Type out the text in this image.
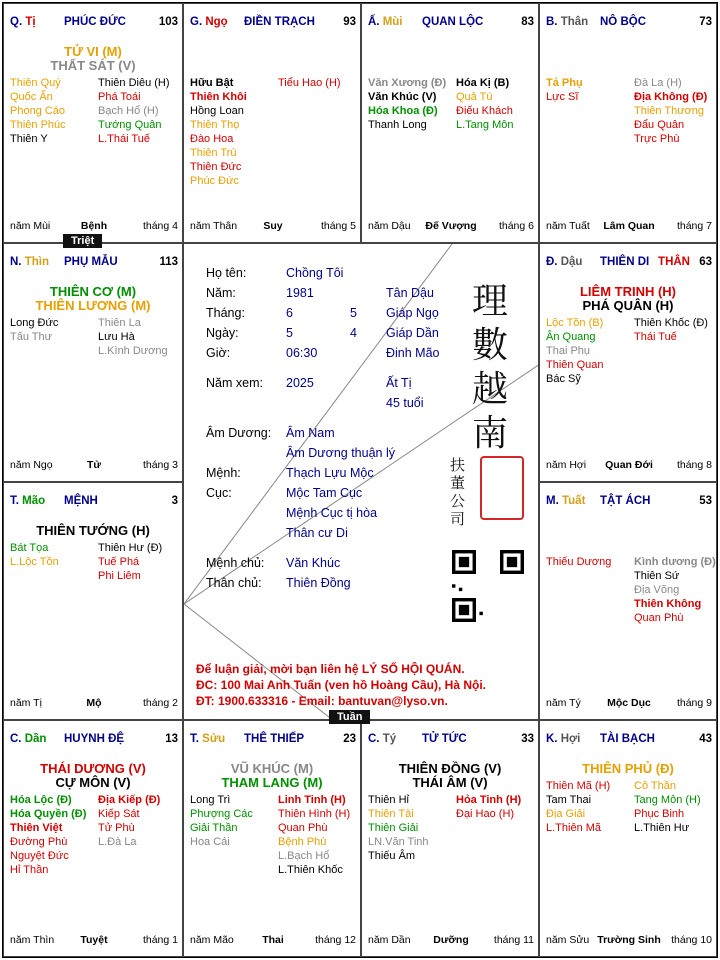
Q. Tị PHÚC ĐỨC	103
TỬ VI (M)
THẤT SÁT (V)
Thiên Quý
Quốc Ấn
Phong Cáo
Thiên Phúc
Thiên Y
Thiên Diêu (H)
Phá Toái
Bạch Hổ (H)
Tướng Quân
L.Thái Tuế
năm Mùi	Bệnh	tháng 4
G. Ngọ ĐIỀN TRẠCH 93
Hữu Bật
Thiên Khôi
Hồng Loan
Thiên Thọ
Đào Hoa
Thiên Trù
Thiên Đức
Phúc Đức
Tiểu Hao (H)
năm Thân	Suy	tháng 5
Ấ. Mùi QUAN LỘC	83
Văn Xương (Đ)
Văn Khúc (V)
Hóa Khoa (Đ)
Thanh Long
Hóa Kị (B)
Quả Tú
Điếu Khách
L.Tang Môn
năm Dậu	Đế Vượng	tháng 6
B. Thân NÔ BỘC	73
Tả Phụ
Lực Sĩ
Đà La (H)
Địa Không (Đ)
Thiên Thương
Đẩu Quân
Trực Phù
năm Tuất	Lâm Quan	tháng 7
N. Thìn PHỤ MẪU	113
THIÊN CƠ (M)
THIÊN LƯƠNG (M)
Long Đức
Tấu Thư
Thiên La
Lưu Hà
L.Kình Dương
năm Ngọ	Tử	tháng 3
Đ. Dậu THIÊN DI THÂN 63
LIÊM TRINH (H)
PHÁ QUÂN (H)
Lộc Tồn (B)
Ân Quang
Thai Phụ
Thiên Quan
Bác Sỹ
Thiên Khốc (Đ)
Thái Tuế
năm Hợi	Quan Đới	tháng 8
T. Mão MỆNH	3
THIÊN TƯỚNG (H)
Bát Tọa
L.Lộc Tồn
Thiên Hư (Đ)
Tuế Phá
Phi Liêm
năm Tị	Mộ	tháng 2
M. Tuất TẬT ÁCH	53
Thiếu Dương Kình dương (Đ)
Thiên Sứ
Địa Võng
Thiên Không
Quan Phù
năm Tý	Mộc Dục	tháng 9
C. Dần HUYNH ĐỆ	13
THÁI DƯƠNG (V)
CỰ MÔN (V)
Hóa Lộc (Đ)
Hóa Quyền (Đ)
Thiên Việt
Đường Phù
Nguyệt Đức
Hỉ Thần
Địa Kiếp (Đ)
Kiếp Sát
Tử Phù
L.Đà La
năm Thìn	Tuyệt	tháng 1
T. Sửu THÊ THIẾP	23
VŨ KHÚC (M)
THAM LANG (M)
Long Trì
Phượng Các
Giải Thần
Hoa Cái
Linh Tinh (H)
Thiên Hình (H)
Quan Phù
Bệnh Phù
L.Bạch Hổ
L.Thiên Khốc
năm Mão	Thai	tháng 12
C. Tý TỬ TỨC	33
THIÊN ĐỒNG (V)
THÁI ÂM (V)
Thiên Hỉ
Thiên Tài
Thiên Giải
LN.Văn Tinh
Thiếu Âm
Hỏa Tinh (H)
Đại Hao (H)
năm Dần	Dưỡng	tháng 11
K. Hợi TÀI BẠCH	43
THIÊN PHỦ (Đ)
Thiên Mã (H)
Tam Thai
Địa Giải
L.Thiên Mã
Cô Thần
Tang Môn (H)
Phục Binh
L.Thiên Hư
năm Sửu Trường Sinh tháng 10
Họ tên:	Chồng Tôi
Năm:	1981	Tân Dậu
Tháng:	6	5 Giáp Ngọ
Ngày:	5	4 Giáp Dần
Giờ:	06:30	Đinh Mão
Năm xem: 2025	Ất Tị
45 tuổi
Âm Dương: Âm Nam
Âm Dương thuận lý
Mệnh:	Thạch Lựu Mộc
Cục:	Mộc Tam Cục
Mệnh Cục tị hòa
Thân cư Di
Mệnh chủ: Văn Khúc
Thân chủ: Thiên Đồng
理
數
越
南
扶
董
公
司
Để luận giải, mời bạn liên hệ LÝ SỐ HỘI QUÁN.
ĐC: 100 Mai Anh Tuấn (ven hồ Hoàng Cầu), Hà Nội.
ĐT: 1900.633316 - Email: bantuvan@lyso.vn.
Triệt
Tuần
